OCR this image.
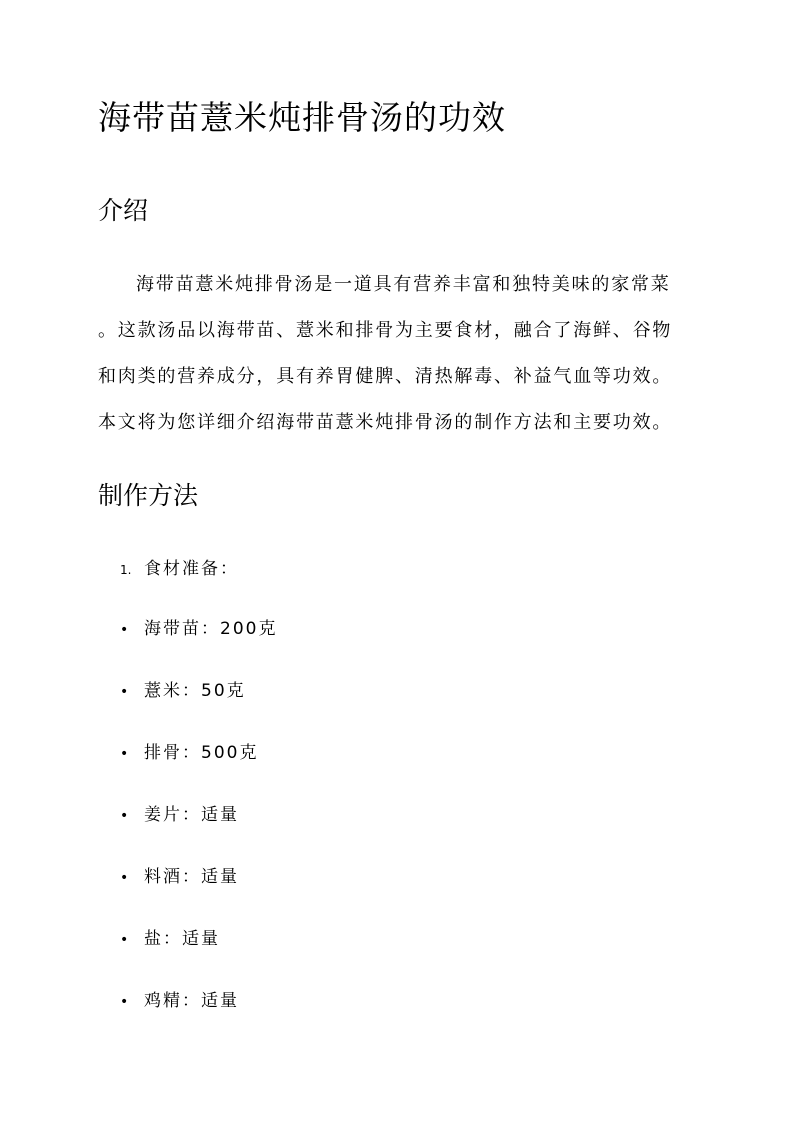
海带苗薏米炖排骨汤的功效
介绍
海带苗薏米炖排骨汤是一道具有营养丰富和独特美味的家常菜
。这款汤品以海带苗、薏米和排骨为主要食材，融合了海鲜、谷物
和肉类的营养成分，具有养胃健脾、清热解毒、补益气血等功效。
本文将为您详细介绍海带苗薏米炖排骨汤的制作方法和主要功效。
制作方法
1. 食材准备：
• 海带苗：200克
• 薏米：50克
• 排骨：500克
• 姜片：适量
• 料酒：适量
• 盐：适量
• 鸡精：适量
